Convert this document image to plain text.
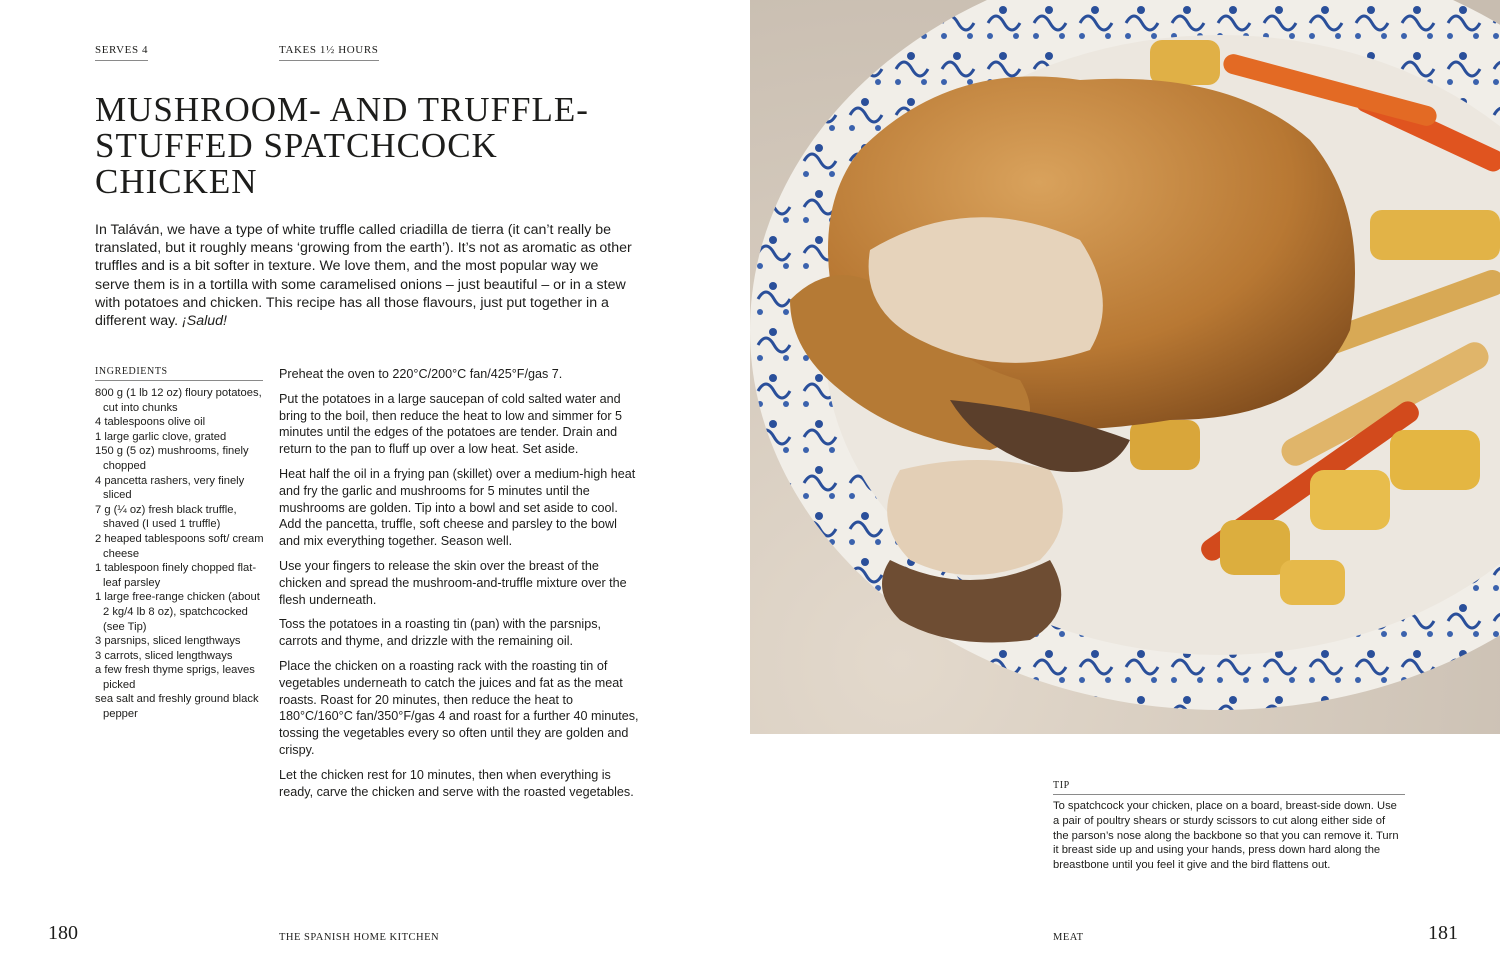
SERVES 4	TAKES 1½ HOURS
MUSHROOM- AND TRUFFLE-STUFFED SPATCHCOCK CHICKEN

In Taláván, we have a type of white truffle called criadilla de tierra (it can’t really be translated, but it roughly means ‘growing from the earth’). It’s not as aromatic as other truffles and is a bit softer in texture. We love them, and the most popular way we serve them is in a tortilla with some caramelised onions – just beautiful – or in a stew with potatoes and chicken. This recipe has all those flavours, just put together in a different way. ¡Salud!

INGREDIENTS
800 g (1 lb 12 oz) floury potatoes, cut into chunks
4 tablespoons olive oil
1 large garlic clove, grated
150 g (5 oz) mushrooms, finely chopped
4 pancetta rashers, very finely sliced
7 g (¼ oz) fresh black truffle, shaved (I used 1 truffle)
2 heaped tablespoons soft/ cream cheese
1 tablespoon finely chopped flat-leaf parsley
1 large free-range chicken (about 2 kg/4 lb 8 oz), spatchcocked (see Tip)
3 parsnips, sliced lengthways
3 carrots, sliced lengthways
a few fresh thyme sprigs, leaves picked
sea salt and freshly ground black pepper

Preheat the oven to 220°C/200°C fan/425°F/gas 7.

Put the potatoes in a large saucepan of cold salted water and bring to the boil, then reduce the heat to low and simmer for 5 minutes until the edges of the potatoes are tender. Drain and return to the pan to fluff up over a low heat. Set aside.

Heat half the oil in a frying pan (skillet) over a medium-high heat and fry the garlic and mushrooms for 5 minutes until the mushrooms are golden. Tip into a bowl and set aside to cool. Add the pancetta, truffle, soft cheese and parsley to the bowl and mix everything together. Season well.

Use your fingers to release the skin over the breast of the chicken and spread the mushroom-and-truffle mixture over the flesh underneath.

Toss the potatoes in a roasting tin (pan) with the parsnips, carrots and thyme, and drizzle with the remaining oil.

Place the chicken on a roasting rack with the roasting tin of vegetables underneath to catch the juices and fat as the meat roasts. Roast for 20 minutes, then reduce the heat to 180°C/160°C fan/350°F/gas 4 and roast for a further 40 minutes, tossing the vegetables every so often until they are golden and crispy.

Let the chicken rest for 10 minutes, then when everything is ready, carve the chicken and serve with the roasted vegetables.

180	THE SPANISH HOME KITCHEN
TIP

To spatchcock your chicken, place on a board, breast-side down. Use a pair of poultry shears or sturdy scissors to cut along either side of the parson’s nose along the backbone so that you can remove it. Turn it breast side up and using your hands, press down hard along the breastbone until you feel it give and the bird flattens out.

MEAT	181
